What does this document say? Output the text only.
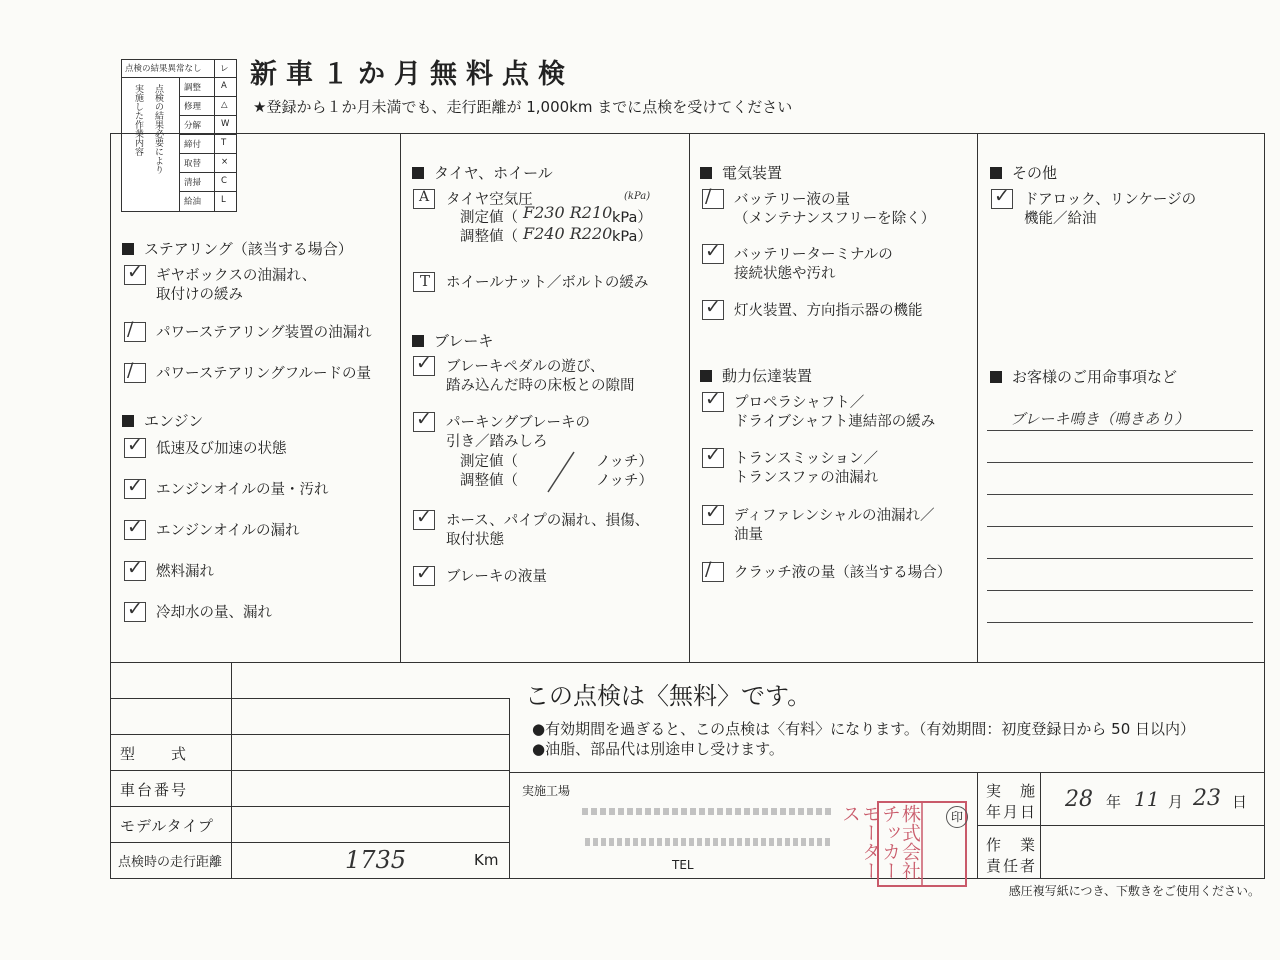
点検の結果異常なし	レ
実施した作業内容 点検の結果必要により 調整	A
修理	△
分解	W
締付	T
取替	×
清掃	C
給油	L
新車１か月無料点検
★登録から１か月未満でも、走行距離が 1,000km までに点検を受けてください
ステアリング（該当する場合）
✓ ギヤボックスの油漏れ、
取付けの緩み
/ パワーステアリング装置の油漏れ
/ パワーステアリングフルードの量
エンジン
✓ 低速及び加速の状態
✓ エンジンオイルの量・汚れ
✓ エンジンオイルの漏れ
✓ 燃料漏れ
✓ 冷却水の量、漏れ
タイヤ、ホイール
A タイヤ空気圧
測定値（ F230 R210 kPa）
(kPa)
調整値（ F240 R220 kPa）
T ホイールナット／ボルトの緩み
ブレーキ
✓ ブレーキペダルの遊び、
踏み込んだ時の床板との隙間
✓ パーキングブレーキの
引き／踏みしろ
測定値（	ノッチ）
調整値（	ノッチ）
✓ ホース、パイプの漏れ、損傷、
取付状態
✓ ブレーキの液量
電気装置
/ バッテリー液の量
（メンテナンスフリーを除く）
✓ バッテリーターミナルの
接続状態や汚れ
✓ 灯火装置、方向指示器の機能
動力伝達装置
✓ プロペラシャフト／
ドライブシャフト連結部の緩み
✓ トランスミッション／
トランスファの油漏れ
✓ ディファレンシャルの油漏れ／
油量
/ クラッチ液の量（該当する場合）
その他
✓ ドアロック、リンケージの
機能／給油
お客様のご用命事項など
ブレーキ鳴き（鳴きあり）
型　　式
車台番号
モデルタイプ
点検時の走行距離	1735	Km
この点検は〈無料〉です。
●有効期間を過ぎると、この点検は〈有料〉になります。（有効期間：初度登録日から 50 日以内）
●油脂、部品代は別途申し受けます。
実施工場
TEL	株式会社 チッカーモータース
実　施
年月日 28 年 11 月 23 日
作　業
責任者
印
感圧複写紙につき、下敷きをご使用ください。
